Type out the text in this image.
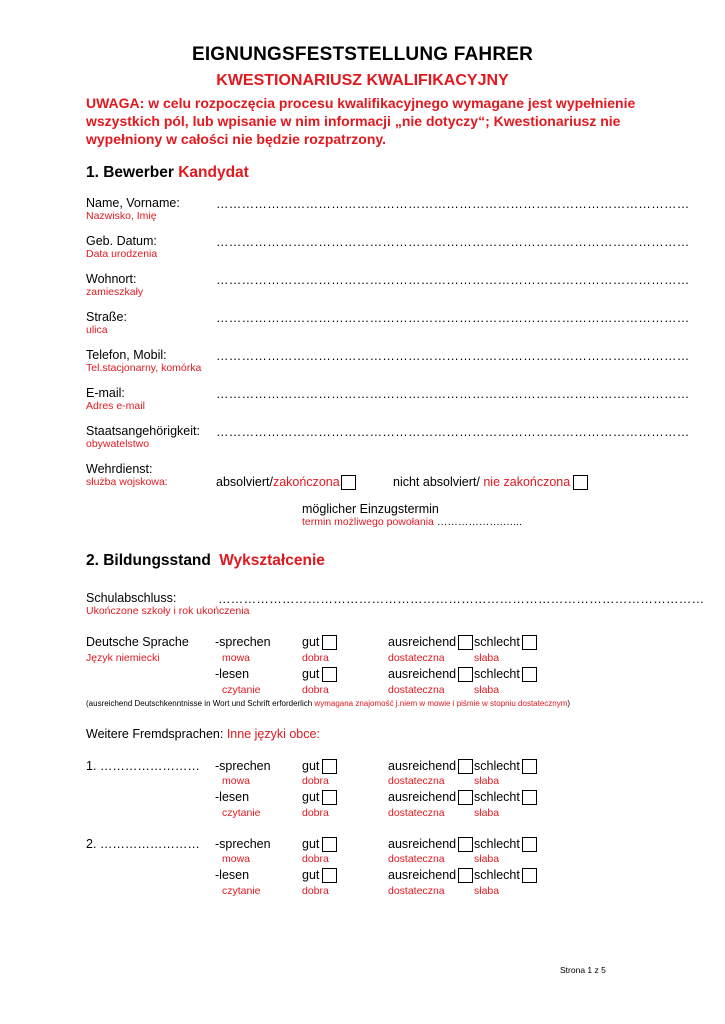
EIGNUNGSFESTSTELLUNG FAHRER
KWESTIONARIUSZ KWALIFIKACYJNY
UWAGA: w celu rozpoczęcia procesu kwalifikacyjnego wymagane jest wypełnienie wszystkich pól, lub wpisanie w nim informacji „nie dotyczy“; Kwestionariusz nie wypełniony w całości nie będzie rozpatrzony.
1. Bewerber Kandydat
Name, Vorname:
Nazwisko, Imię
…………………………………………………………………………………………………
Geb. Datum:
Data urodzenia
…………………………………………………………………………………………………
Wohnort:
zamieszkały
…………………………………………………………………………………………………
Straße:
ulica
…………………………………………………………………………………………………
Telefon, Mobil:
Tel.stacjonarny, komórka
…………………………………………………………………………………………………
E-mail:
Adres e-mail
…………………………………………………………………………………………………
Staatsangehörigkeit:
obywatelstwo
…………………………………………………………………………………………………
Wehrdienst:
służba wojskowa:	absolviert/zakończona	nicht absolviert/ nie zakończona
möglicher Einzugstermin
termin możliwego powołania ……………….…...
2. Bildungsstand Wykształcenie
Schulabschluss:
Ukończone szkoły i rok ukończenia
……………………………………………………………………………………………………
Deutsche Sprache
Język niemiecki
-sprechen	gut	ausreichend schlecht
mowa	dobra	dostateczna	słaba
-lesen	gut	ausreichend schlecht
czytanie	dobra	dostateczna	słaba
(ausreichend Deutschkenntnisse in Wort und Schrift erforderlich wymagana znajomość j.niem w mowie i piśmie w stopniu dostatecznym)
Weitere Fremdsprachen: Inne języki obce:
1. …………………… -sprechen	gut	ausreichend schlecht
mowa	dobra	dostateczna	słaba
-lesen	gut	ausreichend schlecht
czytanie	dobra	dostateczna	słaba
2. …………………… -sprechen	gut	ausreichend schlecht
mowa	dobra	dostateczna	słaba
-lesen	gut	ausreichend schlecht
czytanie	dobra	dostateczna	słaba
Strona 1 z 5
